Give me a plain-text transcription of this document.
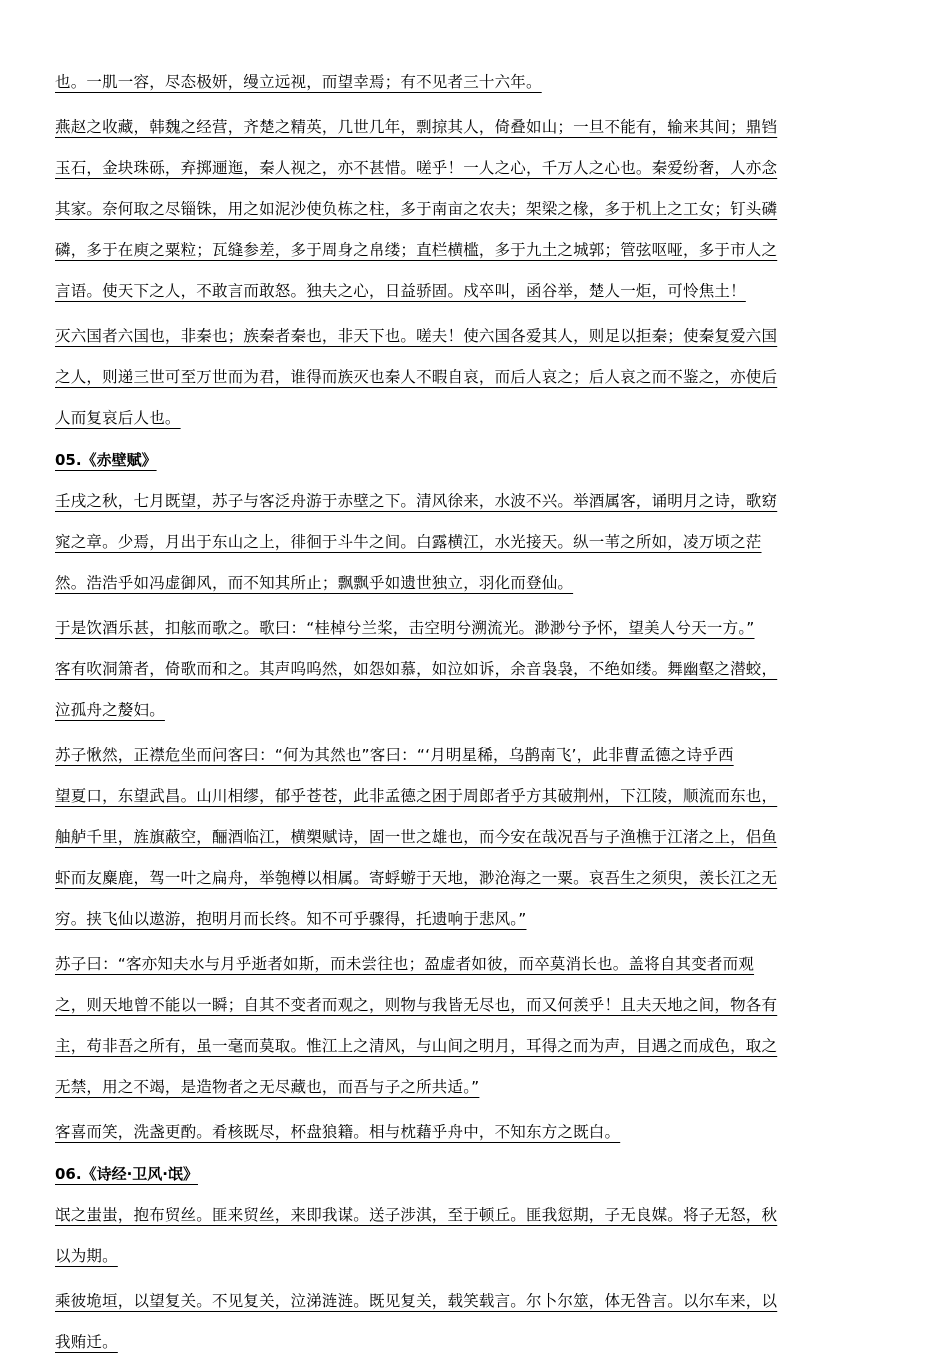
也。一肌一容，尽态极妍，缦立远视，而望幸焉；有不见者三十六年。
燕赵之收藏，韩魏之经营，齐楚之精英，几世几年，剽掠其人，倚叠如山；一旦不能有，输来其间；鼎铛
玉石，金块珠砾，弃掷逦迤，秦人视之，亦不甚惜。嗟乎！一人之心，千万人之心也。秦爱纷奢，人亦念
其家。奈何取之尽锱铢，用之如泥沙使负栋之柱，多于南亩之农夫；架梁之椽，多于机上之工女；钉头磷
磷，多于在庾之粟粒；瓦缝参差，多于周身之帛缕；直栏横槛，多于九土之城郭；管弦呕哑，多于市人之
言语。使天下之人，不敢言而敢怒。独夫之心，日益骄固。戍卒叫，函谷举，楚人一炬，可怜焦土！
灭六国者六国也，非秦也；族秦者秦也，非天下也。嗟夫！使六国各爱其人，则足以拒秦；使秦复爱六国
之人，则递三世可至万世而为君，谁得而族灭也秦人不暇自哀，而后人哀之；后人哀之而不鉴之，亦使后
人而复哀后人也。
05.《赤壁赋》
壬戌之秋，七月既望，苏子与客泛舟游于赤壁之下。清风徐来，水波不兴。举酒属客，诵明月之诗，歌窈
窕之章。少焉，月出于东山之上，徘徊于斗牛之间。白露横江，水光接天。纵一苇之所如，凌万顷之茫
然。浩浩乎如冯虚御风，而不知其所止；飘飘乎如遗世独立，羽化而登仙。
于是饮酒乐甚，扣舷而歌之。歌曰：“桂棹兮兰桨，击空明兮溯流光。渺渺兮予怀，望美人兮天一方。”
客有吹洞箫者，倚歌而和之。其声呜呜然，如怨如慕，如泣如诉，余音袅袅，不绝如缕。舞幽壑之潜蛟，
泣孤舟之嫠妇。
苏子愀然，正襟危坐而问客曰：“何为其然也”客曰：“‘月明星稀，乌鹊南飞’，此非曹孟德之诗乎西
望夏口，东望武昌。山川相缪，郁乎苍苍，此非孟德之困于周郎者乎方其破荆州，下江陵，顺流而东也，
舳舻千里，旌旗蔽空，酾酒临江，横槊赋诗，固一世之雄也，而今安在哉况吾与子渔樵于江渚之上，侣鱼
虾而友麋鹿，驾一叶之扁舟，举匏樽以相属。寄蜉蝣于天地，渺沧海之一粟。哀吾生之须臾，羡长江之无
穷。挟飞仙以遨游，抱明月而长终。知不可乎骤得，托遗响于悲风。”
苏子曰：“客亦知夫水与月乎逝者如斯，而未尝往也；盈虚者如彼，而卒莫消长也。盖将自其变者而观
之，则天地曾不能以一瞬；自其不变者而观之，则物与我皆无尽也，而又何羡乎！且夫天地之间，物各有
主，苟非吾之所有，虽一毫而莫取。惟江上之清风，与山间之明月，耳得之而为声，目遇之而成色，取之
无禁，用之不竭，是造物者之无尽藏也，而吾与子之所共适。”
客喜而笑，洗盏更酌。肴核既尽，杯盘狼籍。相与枕藉乎舟中，不知东方之既白。
06.《诗经·卫风·氓》
氓之蚩蚩，抱布贸丝。匪来贸丝，来即我谋。送子涉淇，至于顿丘。匪我愆期，子无良媒。将子无怒，秋
以为期。
乘彼垝垣，以望复关。不见复关，泣涕涟涟。既见复关，载笑载言。尔卜尔筮，体无咎言。以尔车来，以
我贿迁。
